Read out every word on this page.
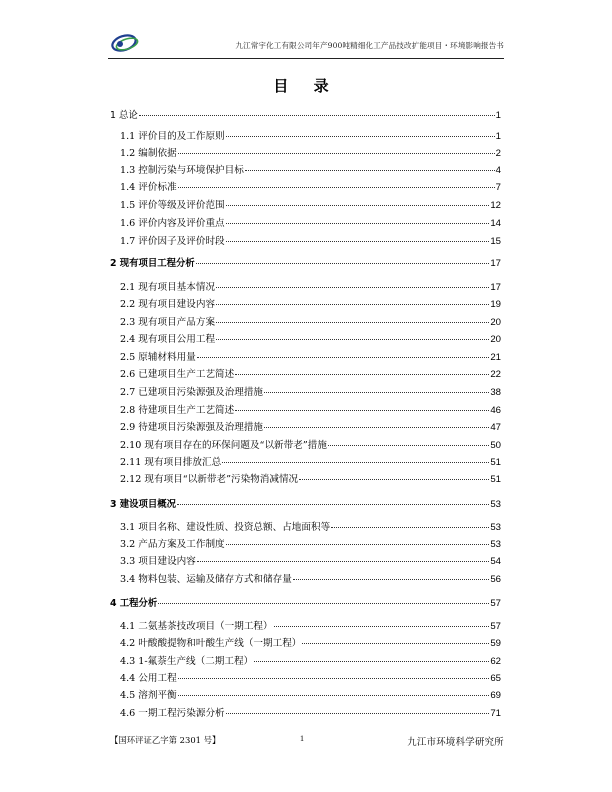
九江常宇化工有限公司年产900吨精细化工产品技改扩能项目・环境影响报告书
目 录
1 总论	1
1.1 评价目的及工作原则	1
1.2 编制依据	2
1.3 控制污染与环境保护目标	4
1.4 评价标准	7
1.5 评价等级及评价范围	12
1.6 评价内容及评价重点	14
1.7 评价因子及评价时段	15
2 现有项目工程分析	17
2.1 现有项目基本情况	17
2.2 现有项目建设内容	19
2.3 现有项目产品方案	20
2.4 现有项目公用工程	20
2.5 原辅材料用量	21
2.6 已建项目生产工艺简述	22
2.7 已建项目污染源强及治理措施	38
2.8 待建项目生产工艺简述	46
2.9 待建项目污染源强及治理措施	47
2.10 现有项目存在的环保问题及“以新带老”措施	50
2.11 现有项目排放汇总	51
2.12 现有项目“以新带老”污染物消减情况	51
3 建设项目概况	53
3.1 项目名称、建设性质、投资总额、占地面积等	53
3.2 产品方案及工作制度	53
3.3 项目建设内容	54
3.4 物料包装、运输及储存方式和储存量	56
4 工程分析	57
4.1 二氨基茶技改项目（一期工程）	57
4.2 叶酸酸提物和叶酸生产线（一期工程）	59
4.3 1-氟萘生产线（二期工程）	62
4.4 公用工程	65
4.5 溶剂平衡	69
4.6 一期工程污染源分析	71
【国环评证乙字第 2301 号】	1	九江市环境科学研究所
